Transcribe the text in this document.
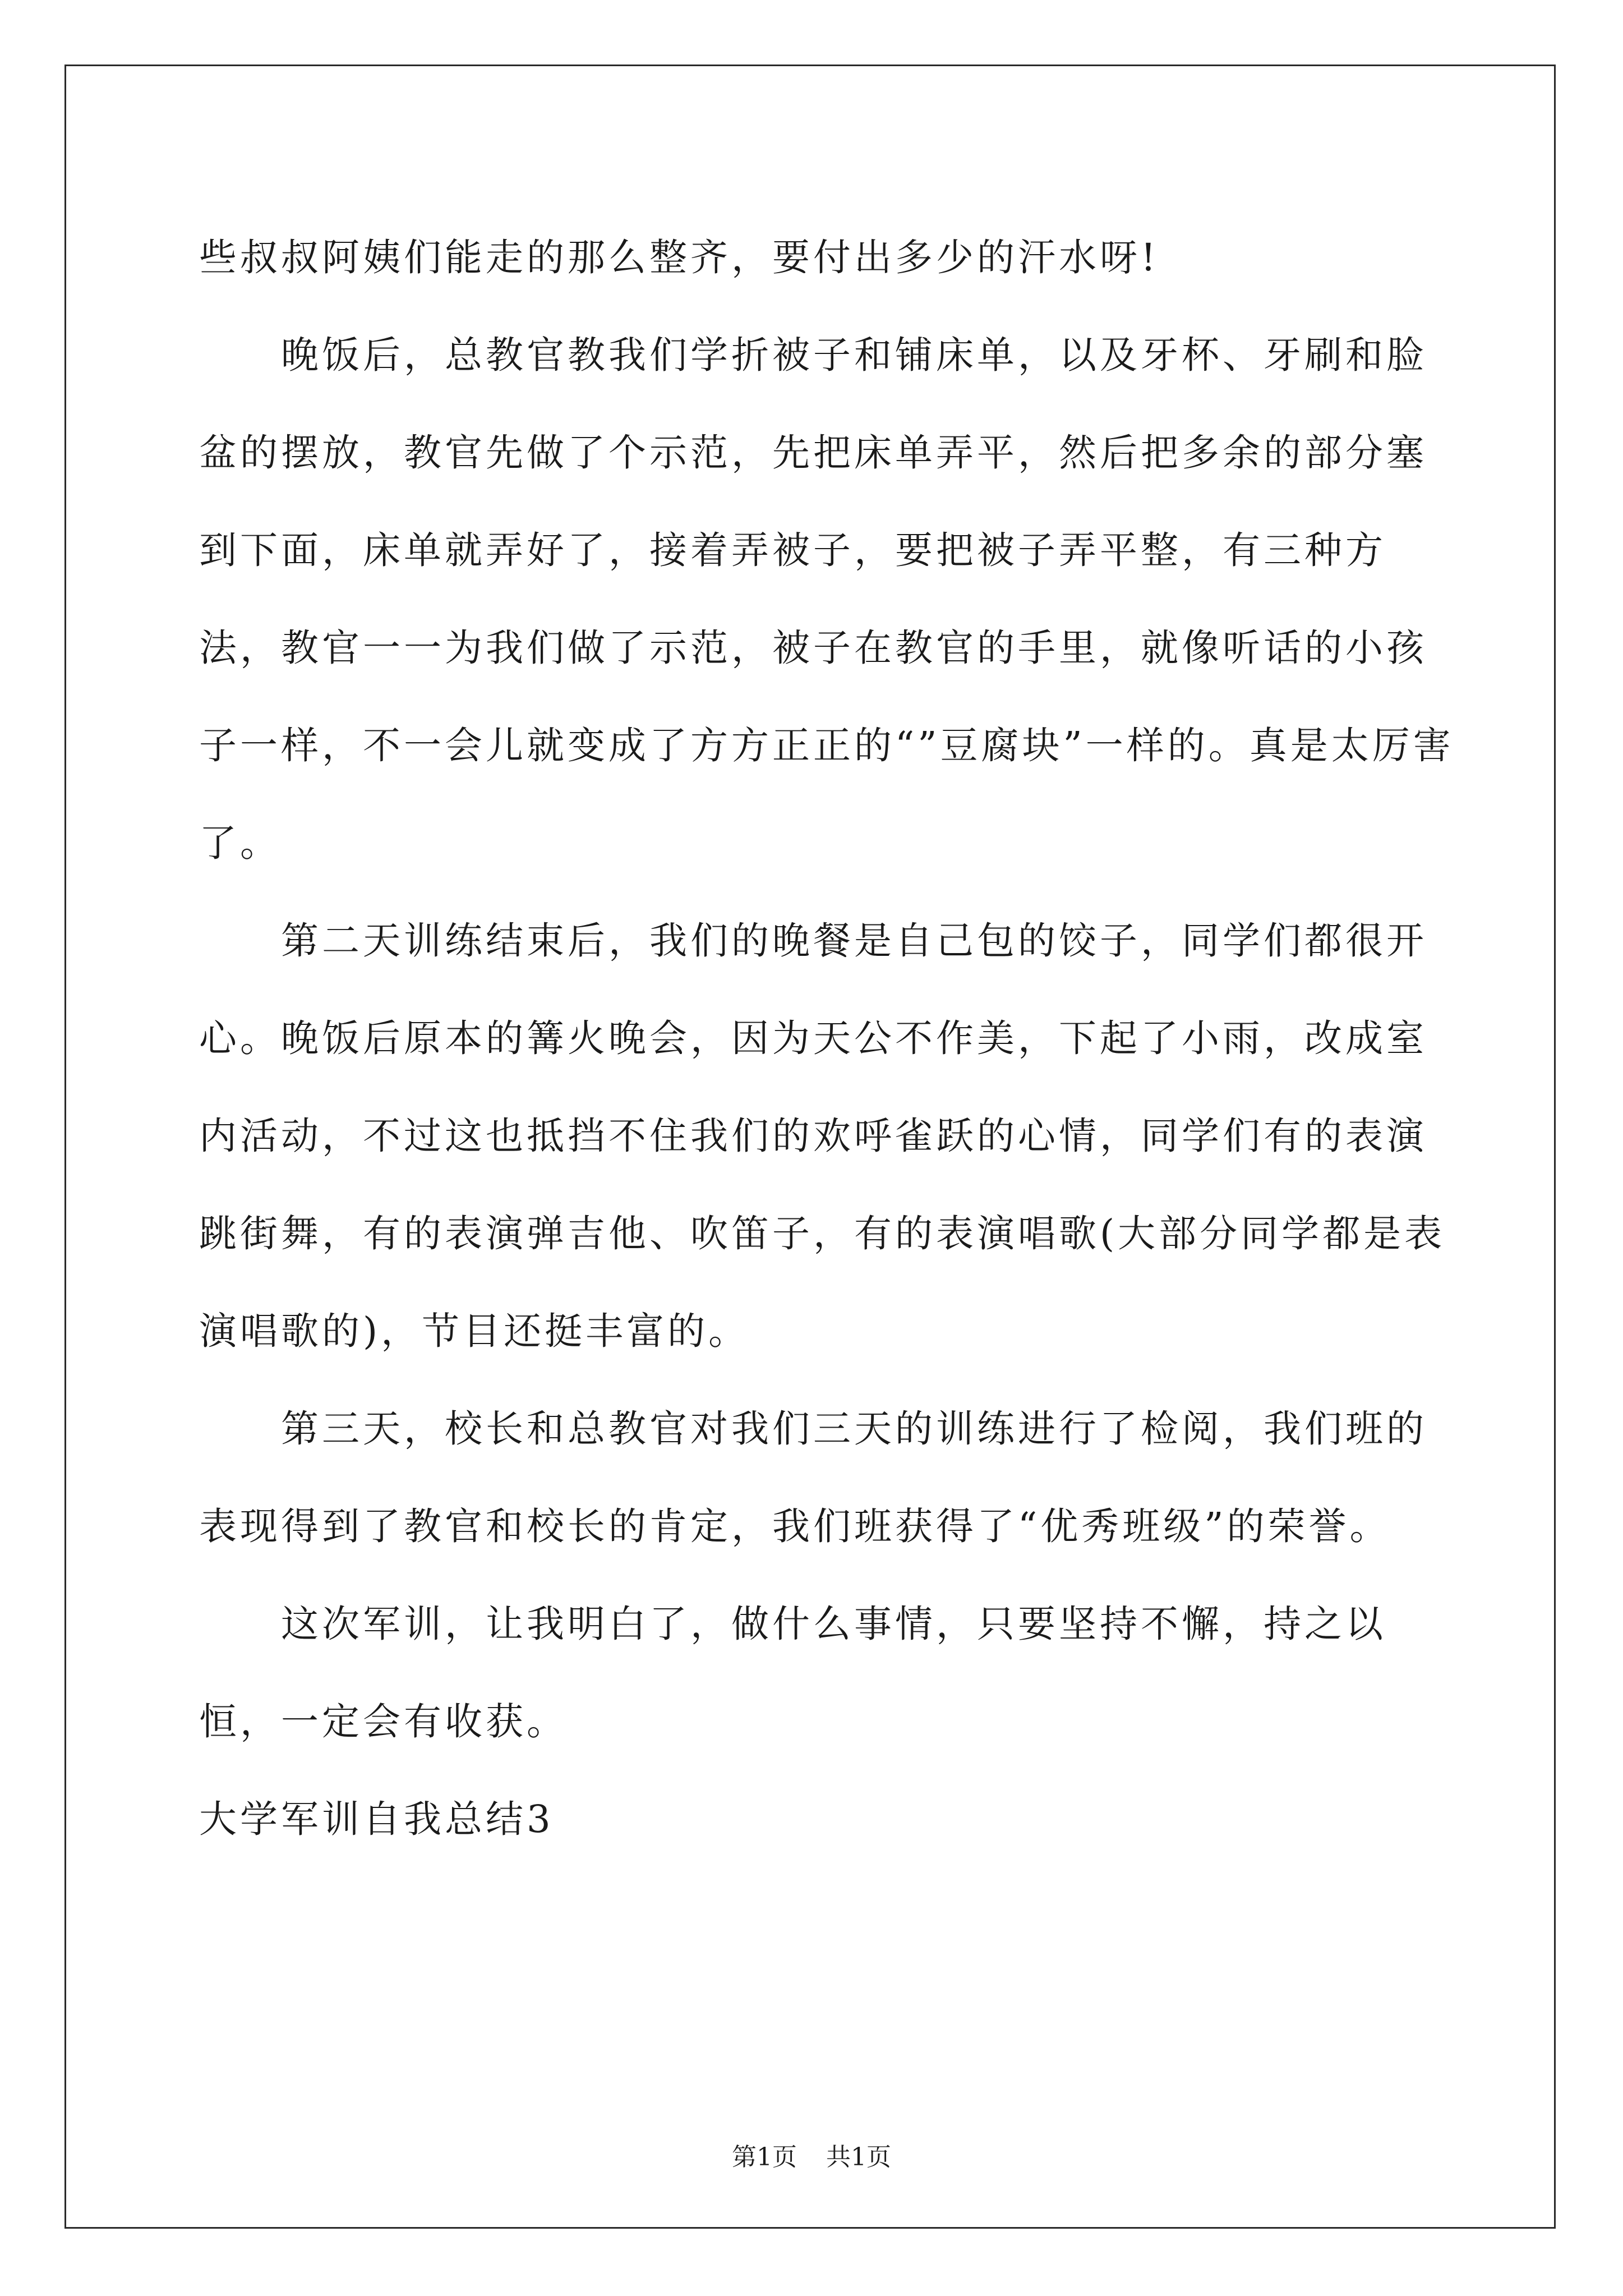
些叔叔阿姨们能走的那么整齐，要付出多少的汗水呀!

晚饭后，总教官教我们学折被子和铺床单，以及牙杯、牙刷和脸盆的摆放，教官先做了个示范，先把床单弄平，然后把多余的部分塞到下面，床单就弄好了，接着弄被子，要把被子弄平整，有三种方法，教官一一为我们做了示范，被子在教官的手里，就像听话的小孩子一样，不一会儿就变成了方方正正的“”豆腐块”一样的。真是太厉害了。

第二天训练结束后，我们的晚餐是自己包的饺子，同学们都很开心。晚饭后原本的篝火晚会，因为天公不作美，下起了小雨，改成室内活动，不过这也抵挡不住我们的欢呼雀跃的心情，同学们有的表演跳街舞，有的表演弹吉他、吹笛子，有的表演唱歌(大部分同学都是表演唱歌的)，节目还挺丰富的。

第三天，校长和总教官对我们三天的训练进行了检阅，我们班的表现得到了教官和校长的肯定，我们班获得了“优秀班级”的荣誉。

这次军训，让我明白了，做什么事情，只要坚持不懈，持之以恒，一定会有收获。

大学军训自我总结3
第1页 共1页
